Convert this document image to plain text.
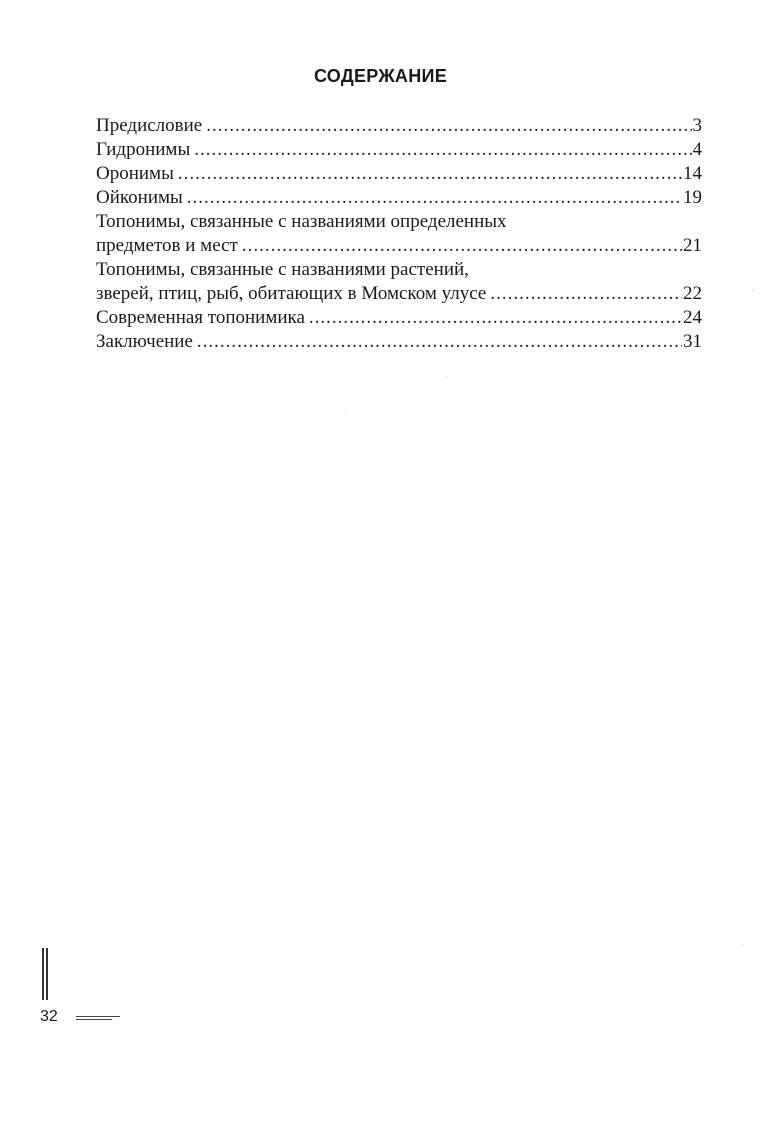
СОДЕРЖАНИЕ
Предисловие .....	3
Гидронимы .....	4
Оронимы .....	14
Ойконимы .....	19
Топонимы, связанные с названиями определенных
предметов и мест .....	21
Топонимы, связанные с названиями растений,
зверей, птиц, рыб, обитающих в Момском улусе .....	22
Современная топонимика .....	24
Заключение .....	31
32
